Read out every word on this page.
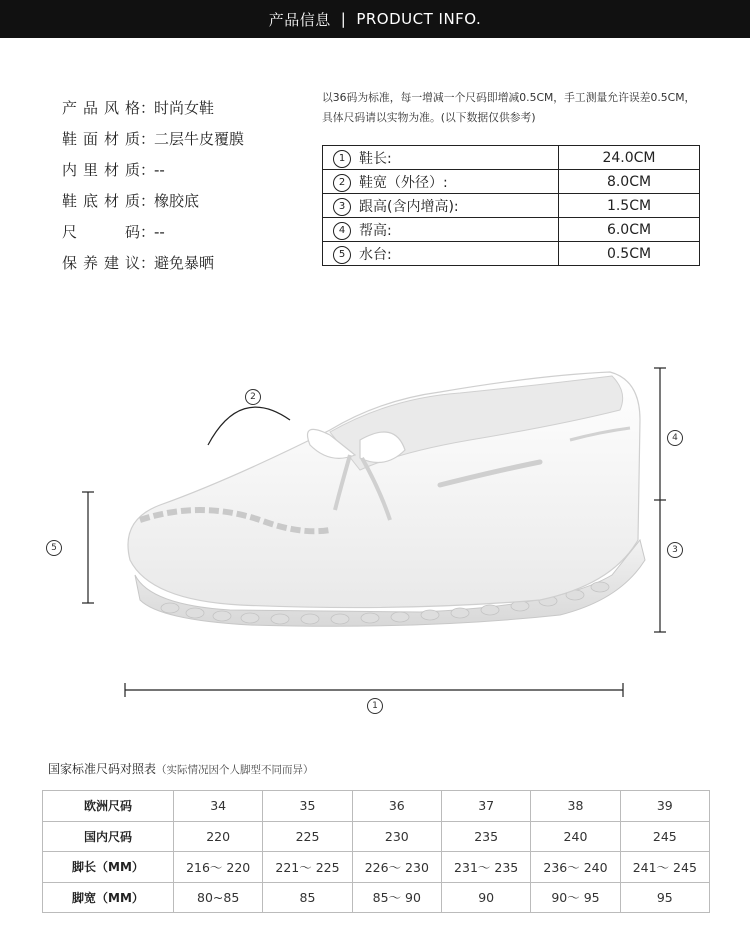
产品信息 | PRODUCT INFO.
产品风格 ：
时尚女鞋
鞋面材质 ：
二层牛皮覆膜
内里材质 ：
--
鞋底材质 ：
橡胶底
尺　　码 ：
--
保养建议 ：
避免暴晒
以36码为标准，每一增减一个尺码即增减0.5CM，手工测量允许误差0.5CM，
具体尺码请以实物为准。(以下数据仅供参考)
1 鞋长:	24.0CM
2 鞋宽（外径）:	8.0CM
3 跟高(含内增高):	1.5CM
4 帮高:	6.0CM
5 水台:	0.5CM
1
2
3
4
5
国家标准尺码对照表（实际情况因个人脚型不同而异）
欧洲尺码	34	35	36	37	38	39
国内尺码	220	225	230	235	240	245
脚长（MM）	216～ 220	221～ 225	226～ 230	231～ 235	236～ 240	241～ 245
脚宽（MM）	80~85	85	85～ 90	90	90～ 95	95
